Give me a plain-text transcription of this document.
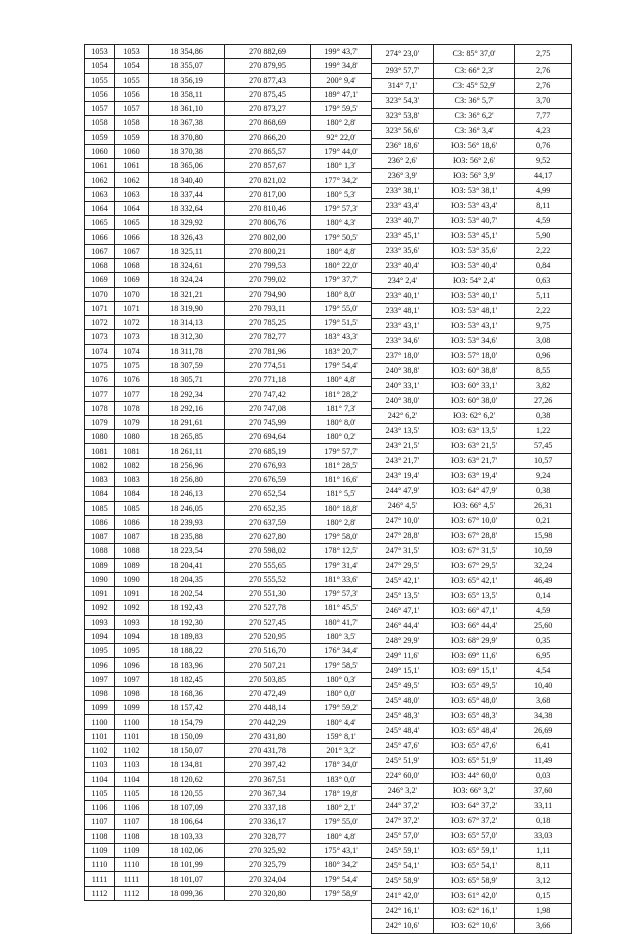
1053	1053	18 354,86	270 882,69	199° 43,7'
1054	1054	18 355,07	270 879,95	199° 34,8'
1055	1055	18 356,19	270 877,43	200° 9,4'
1056	1056	18 358,11	270 875,45	189° 47,1'
1057	1057	18 361,10	270 873,27	179° 59,5'
1058	1058	18 367,38	270 868,69	180° 2,8'
1059	1059	18 370,80	270 866,20	92° 22,0'
1060	1060	18 370,38	270 865,57	179° 44,0'
1061	1061	18 365,06	270 857,67	180° 1,3'
1062	1062	18 340,40	270 821,02	177° 34,2'
1063	1063	18 337,44	270 817,00	180° 5,3'
1064	1064	18 332,64	270 810,46	179° 57,3'
1065	1065	18 329,92	270 806,76	180° 4,3'
1066	1066	18 326,43	270 802,00	179° 50,5'
1067	1067	18 325,11	270 800,21	180° 4,8'
1068	1068	18 324,61	270 799,53	180° 22,0'
1069	1069	18 324,24	270 799,02	179° 37,7'
1070	1070	18 321,21	270 794,90	180° 8,0'
1071	1071	18 319,90	270 793,11	179° 55,0'
1072	1072	18 314,13	270 785,25	179° 51,5'
1073	1073	18 312,30	270 782,77	183° 43,3'
1074	1074	18 311,78	270 781,96	183° 20,7'
1075	1075	18 307,59	270 774,51	179° 54,4'
1076	1076	18 305,71	270 771,18	180° 4,8'
1077	1077	18 292,34	270 747,42	181° 28,2'
1078	1078	18 292,16	270 747,08	181° 7,3'
1079	1079	18 291,61	270 745,99	180° 8,0'
1080	1080	18 265,85	270 694,64	180° 0,2'
1081	1081	18 261,11	270 685,19	179° 57,7'
1082	1082	18 256,96	270 676,93	181° 28,5'
1083	1083	18 256,80	270 676,59	181° 16,6'
1084	1084	18 246,13	270 652,54	181° 5,5'
1085	1085	18 246,05	270 652,35	180° 18,8'
1086	1086	18 239,93	270 637,59	180° 2,8'
1087	1087	18 235,88	270 627,80	179° 58,0'
1088	1088	18 223,54	270 598,02	178° 12,5'
1089	1089	18 204,41	270 555,65	179° 31,4'
1090	1090	18 204,35	270 555,52	181° 33,6'
1091	1091	18 202,54	270 551,30	179° 57,3'
1092	1092	18 192,43	270 527,78	181° 45,5'
1093	1093	18 192,30	270 527,45	180° 41,7'
1094	1094	18 189,83	270 520,95	180° 3,5'
1095	1095	18 188,22	270 516,70	176° 34,4'
1096	1096	18 183,96	270 507,21	179° 58,5'
1097	1097	18 182,45	270 503,85	180° 0,3'
1098	1098	18 168,36	270 472,49	180° 0,0'
1099	1099	18 157,42	270 448,14	179° 59,2'
1100	1100	18 154,79	270 442,29	180° 4,4'
1101	1101	18 150,09	270 431,80	159° 8,1'
1102	1102	18 150,07	270 431,78	201° 3,2'
1103	1103	18 134,81	270 397,42	178° 34,0'
1104	1104	18 120,62	270 367,51	183° 0,0'
1105	1105	18 120,55	270 367,34	178° 19,8'
1106	1106	18 107,09	270 337,18	180° 2,1'
1107	1107	18 106,64	270 336,17	179° 55,0'
1108	1108	18 103,33	270 328,77	180° 4,8'
1109	1109	18 102,06	270 325,92	175° 43,1'
1110	1110	18 101,99	270 325,79	180° 34,2'
1111	1111	18 101,07	270 324,04	179° 54,4'
1112	1112	18 099,36	270 320,80	179° 58,9'
274° 23,0'	СЗ: 85° 37,0'	2,75
293° 57,7'	СЗ: 66° 2,3'	2,76
314° 7,1'	СЗ: 45° 52,9'	2,76
323° 54,3'	СЗ: 36° 5,7'	3,70
323° 53,8'	СЗ: 36° 6,2'	7,77
323° 56,6'	СЗ: 36° 3,4'	4,23
236° 18,6'	ЮЗ: 56° 18,6'	0,76
236° 2,6'	ЮЗ: 56° 2,6'	9,52
236° 3,9'	ЮЗ: 56° 3,9'	44,17
233° 38,1'	ЮЗ: 53° 38,1'	4,99
233° 43,4'	ЮЗ: 53° 43,4'	8,11
233° 40,7'	ЮЗ: 53° 40,7'	4,59
233° 45,1'	ЮЗ: 53° 45,1'	5,90
233° 35,6'	ЮЗ: 53° 35,6'	2,22
233° 40,4'	ЮЗ: 53° 40,4'	0,84
234° 2,4'	ЮЗ: 54° 2,4'	0,63
233° 40,1'	ЮЗ: 53° 40,1'	5,11
233° 48,1'	ЮЗ: 53° 48,1'	2,22
233° 43,1'	ЮЗ: 53° 43,1'	9,75
233° 34,6'	ЮЗ: 53° 34,6'	3,08
237° 18,0'	ЮЗ: 57° 18,0'	0,96
240° 38,8'	ЮЗ: 60° 38,8'	8,55
240° 33,1'	ЮЗ: 60° 33,1'	3,82
240° 38,0'	ЮЗ: 60° 38,0'	27,26
242° 6,2'	ЮЗ: 62° 6,2'	0,38
243° 13,5'	ЮЗ: 63° 13,5'	1,22
243° 21,5'	ЮЗ: 63° 21,5'	57,45
243° 21,7'	ЮЗ: 63° 21,7'	10,57
243° 19,4'	ЮЗ: 63° 19,4'	9,24
244° 47,9'	ЮЗ: 64° 47,9'	0,38
246° 4,5'	ЮЗ: 66° 4,5'	26,31
247° 10,0'	ЮЗ: 67° 10,0'	0,21
247° 28,8'	ЮЗ: 67° 28,8'	15,98
247° 31,5'	ЮЗ: 67° 31,5'	10,59
247° 29,5'	ЮЗ: 67° 29,5'	32,24
245° 42,1'	ЮЗ: 65° 42,1'	46,49
245° 13,5'	ЮЗ: 65° 13,5'	0,14
246° 47,1'	ЮЗ: 66° 47,1'	4,59
246° 44,4'	ЮЗ: 66° 44,4'	25,60
248° 29,9'	ЮЗ: 68° 29,9'	0,35
249° 11,6'	ЮЗ: 69° 11,6'	6,95
249° 15,1'	ЮЗ: 69° 15,1'	4,54
245° 49,5'	ЮЗ: 65° 49,5'	10,40
245° 48,0'	ЮЗ: 65° 48,0'	3,68
245° 48,3'	ЮЗ: 65° 48,3'	34,38
245° 48,4'	ЮЗ: 65° 48,4'	26,69
245° 47,6'	ЮЗ: 65° 47,6'	6,41
245° 51,9'	ЮЗ: 65° 51,9'	11,49
224° 60,0'	ЮЗ: 44° 60,0'	0,03
246° 3,2'	ЮЗ: 66° 3,2'	37,60
244° 37,2'	ЮЗ: 64° 37,2'	33,11
247° 37,2'	ЮЗ: 67° 37,2'	0,18
245° 57,0'	ЮЗ: 65° 57,0'	33,03
245° 59,1'	ЮЗ: 65° 59,1'	1,11
245° 54,1'	ЮЗ: 65° 54,1'	8,11
245° 58,9'	ЮЗ: 65° 58,9'	3,12
241° 42,0'	ЮЗ: 61° 42,0'	0,15
242° 16,1'	ЮЗ: 62° 16,1'	1,98
242° 10,6'	ЮЗ: 62° 10,6'	3,66
